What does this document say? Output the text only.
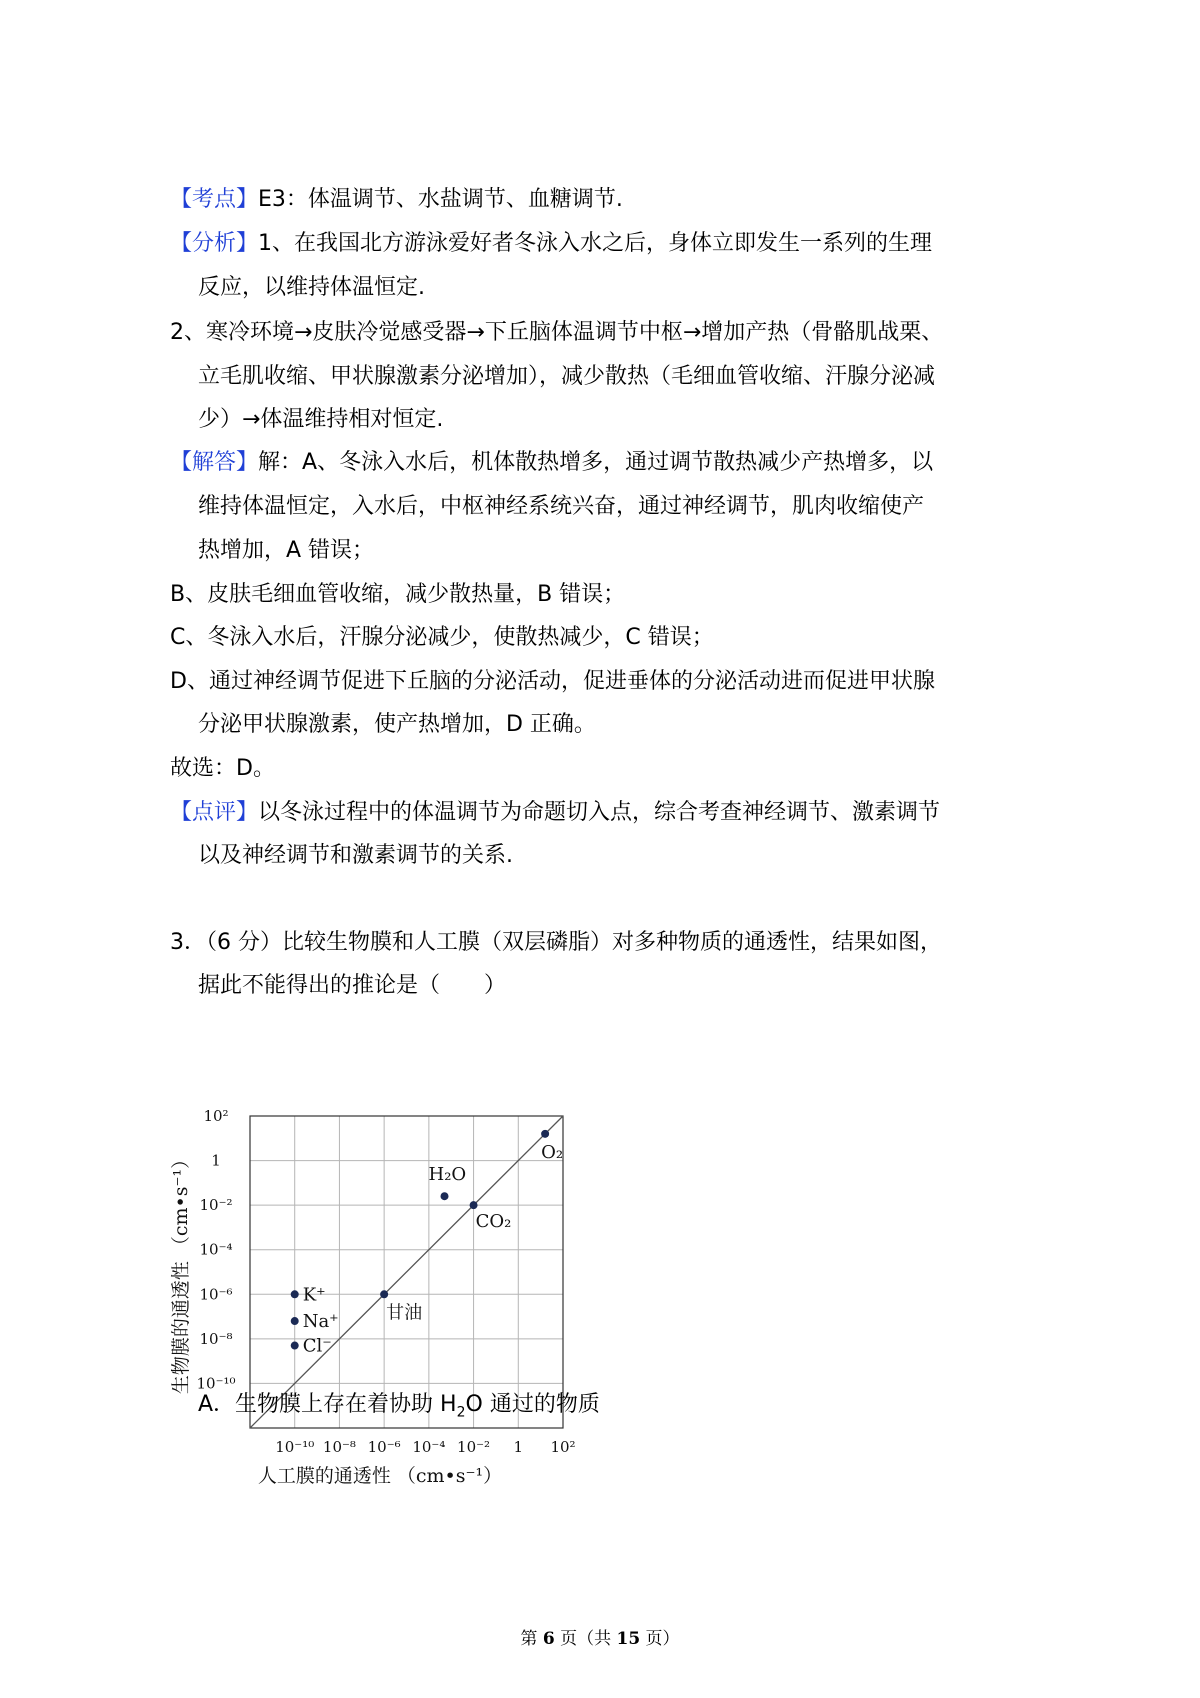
【考点】E3：体温调节、水盐调节、血糖调节.
【分析】1、在我国北方游泳爱好者冬泳入水之后，身体立即发生一系列的生理
反应，以维持体温恒定.
2、寒冷环境→皮肤冷觉感受器→下丘脑体温调节中枢→增加产热（骨骼肌战栗、
立毛肌收缩、甲状腺激素分泌增加），减少散热（毛细血管收缩、汗腺分泌减
少）→体温维持相对恒定.
【解答】解：A、冬泳入水后，机体散热增多，通过调节散热减少产热增多，以
维持体温恒定，入水后，中枢神经系统兴奋，通过神经调节，肌肉收缩使产
热增加，A 错误；
B、皮肤毛细血管收缩，减少散热量，B 错误；
C、冬泳入水后，汗腺分泌减少，使散热减少，C 错误；
D、通过神经调节促进下丘脑的分泌活动，促进垂体的分泌活动进而促进甲状腺
分泌甲状腺激素，使产热增加，D 正确。
故选：D。
【点评】以冬泳过程中的体温调节为命题切入点，综合考查神经调节、激素调节
以及神经调节和激素调节的关系.
3．（6 分）比较生物膜和人工膜（双层磷脂）对多种物质的通透性，结果如图，
据此不能得出的推论是（　　）
10⁻¹⁰ 10⁻⁸ 10⁻⁶ 10⁻⁴ 10⁻² 1 10²
10²
1
10⁻²
10⁻⁴
10⁻⁶
10⁻⁸
10⁻¹⁰
人工膜的通透性 （cm•s⁻¹）
生物膜的通透性 （cm•s⁻¹）	O₂
H₂O
CO₂
甘油
K⁺
Na⁺
Cl⁻
A．生物膜上存在着协助 $H_2O$ 通过的物质
第 6 页（共 15 页）
